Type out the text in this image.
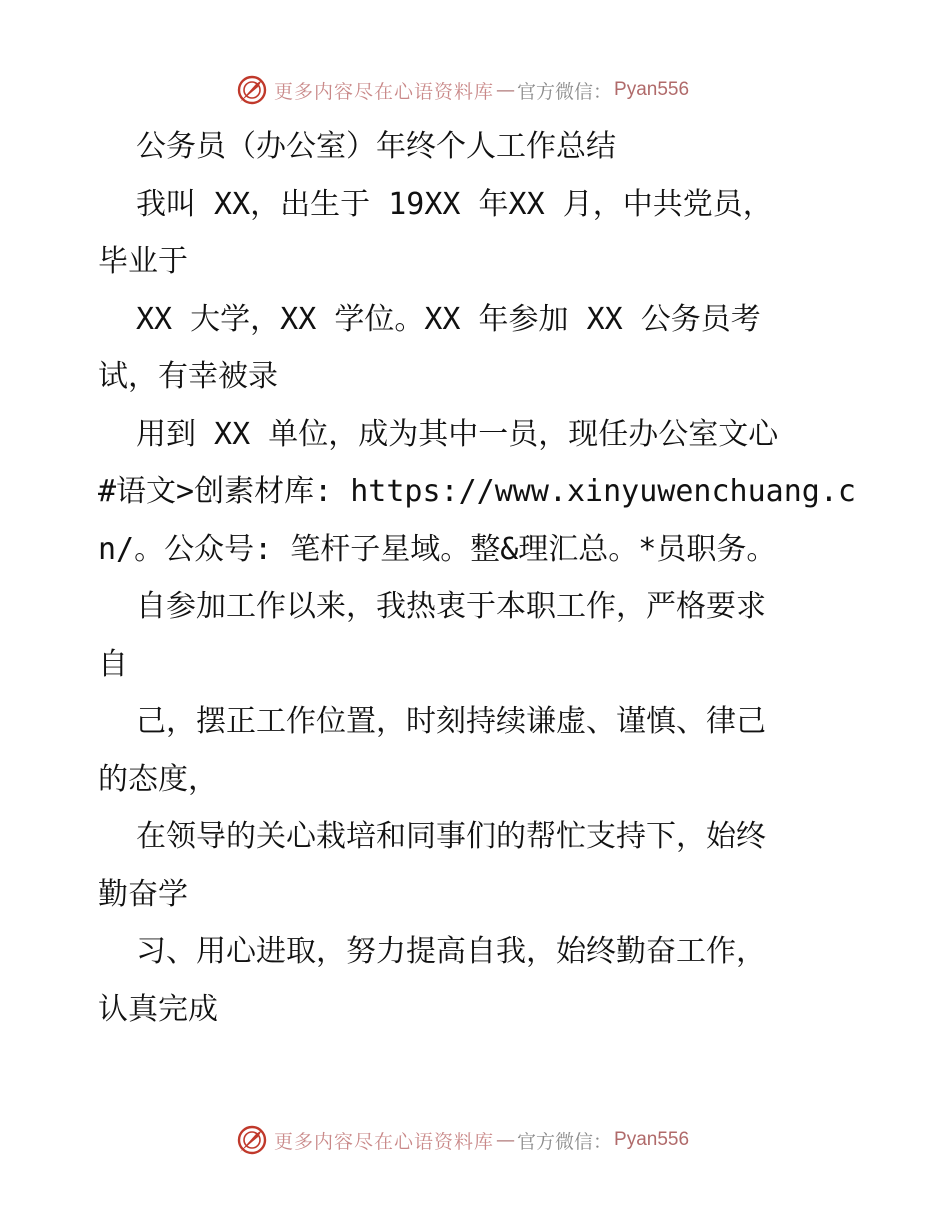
更多内容尽在心语资料库 — 官方微信： Pyan556
公务员（办公室）年终个人工作总结
我叫 XX，出生于 19XX 年XX 月，中共党员，
毕业于
XX 大学，XX 学位。XX 年参加 XX 公务员考
试，有幸被录
用到 XX 单位，成为其中一员，现任办公室文心
#语文>创素材库: https://www.xinyuwenchuang.c
n/。公众号: 笔杆子星域。整&理汇总。*员职务。
自参加工作以来，我热衷于本职工作，严格要求
自
己，摆正工作位置，时刻持续谦虚、谨慎、律己
的态度，
在领导的关心栽培和同事们的帮忙支持下，始终
勤奋学
习、用心进取，努力提高自我，始终勤奋工作，
认真完成
更多内容尽在心语资料库 — 官方微信： Pyan556
